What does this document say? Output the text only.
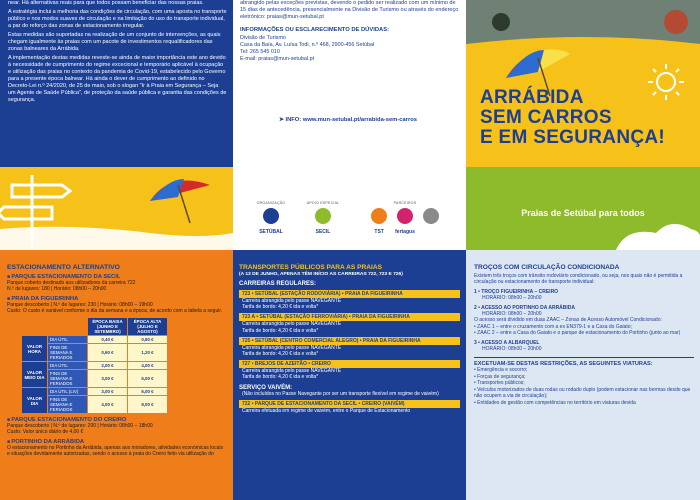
near. Há alternativas reais para que todos possam beneficiar das nossas praias.
A estratégia inclui a melhoria das condições de circulação, com uma aposta no transporte público e nos modos suaves de circulação e na limitação do uso do transporte individual, a par do reforço das zonas de estacionamento irregular.
Estas medidas são suportadas na realização de um conjunto de intervenções, as quais chegam igualmente às praias com um pacote de investimentos requalificadores das zonas balneares da Arrábida.
A implementação destas medidas reveste-se ainda de maior importância este ano devido à necessidade de cumprimento do regime excecional e temporário aplicável à ocupação e utilização das praias no contexto da pandemia de Covid-19, estabelecido pelo Governo para a presente época balnear. Há ainda o dever de cumprimento ao definido no Decreto-Lei n.º 24/2020, de 25 de maio, sob o slogan "Ir à Praia em Segurança – Seja um Agente de Saúde Pública", de proteção da saúde pública e garantia das condições de segurança.
abrangido pelas exceções previstas, devendo o pedido ser realizado com um mínimo de 15 dias de antecedência, presencialmente na Divisão de Turismo ou através do endereço eletrónico: praias@mun-setubal.pt
INFORMAÇÕES OU ESCLARECIMENTO DE DÚVIDAS:
Divisão de Turismo
Casa da Baía, Av. Luísa Todi, n.º 468, 2900-456 Setúbal
Tel: 265 545 010
E-mail: praias@mun-setubal.pt
➤ INFO: www.mun-setubal.pt/arrabida-sem-carros
ARRÁBIDA
SEM CARROS
E EM SEGURANÇA!
ORGANIZAÇÃO
SETÚBAL
APOIO ESPECIAL
SECIL
PARCEIROS
TST	fertagus
Praias de Setúbal para todos
ESTACIONAMENTO ALTERNATIVO
■ PARQUE ESTACIONAMENTO DA SECIL
Parque coberto destinado aos utilizadores da carreira 722
N.º de lugares: 180 | Horário: 08h00 – 20h00
■ PRAIA DA FIGUEIRINHA
Parque descoberto | N.º de lugares: 230 | Horário: 08h00 – 19h00
Custo: O custo é variável conforme o dia da semana e a época, de acordo com a tabela a seguir.
		ÉPOCA BAIXA (JUNHO E SETEMBRO)	ÉPOCA ALTA (JULHO E AGOSTO)
VALOR HORA	DIA ÚTIL	0,40 €	0,80 €
	FINS DE SEMANA E FERIADOS	0,60 €	1,20 €
VALOR MEIO DIA	DIA ÚTIL	2,00 €	4,00 €
	FINS DE SEMANA E FERIADOS	3,00 €	6,00 €
VALOR DIA	DIA ÚTIL (LIV)	3,00 €	6,00 €
	FINS DE SEMANA E FERIADOS	4,00 €	8,00 €
■ PARQUE ESTACIONAMENTO DO CREIRO
Parque descoberto | N.º de lugares: 200 | Horário: 08h00 – 18h00
Custo: Valor único diário de 4,00 €
■ PORTINHO DA ARRÁBIDA
O estacionamento no Portinho da Arrábida, apenas aos moradores, atividades económicas locais e situações devidamente autorizadas, sendo o acesso à praia do Creiro feito via utilização do
TRANSPORTES PÚBLICOS PARA AS PRAIAS
(A 13 DE JUNHO, APENAS TÊM INÍCIO AS CARREIRAS 722, 723 E 726)
CARREIRAS REGULARES:
723 • SETÚBAL (ESTAÇÃO RODOVIÁRIA) • PRAIA DA FIGUEIRINHA
Carreira abrangida pelo passe NAVEGANTE
Tarifa de bordo: 4,20 € ida e volta*
723 A • SETÚBAL (ESTAÇÃO FERROVIÁRIA) • PRAIA DA FIGUEIRINHA
Carreira abrangida pelo passe NAVEGANTE
Tarifa de bordo: 4,20 € ida e volta*
725 • SETÚBAL (CENTRO COMERCIAL ALEGRO) • PRAIA DA FIGUEIRINHA
Carreira abrangida pelo passe NAVEGANTE
Tarifa de bordo: 4,20 € ida e volta*
727 • BREJOS DE AZEITÃO • CREIRO
Carreira abrangida pelo passe NAVEGANTE
Tarifa de bordo: 4,20 € ida e volta*
SERVIÇO VAIVÉM:
(Não incluídos no Passe Navegante por ser um transporte flexível em regime de vaivém)
722 • PARQUE DE ESTACIONAMENTO DA SECIL • CREIRO (VAIVÉM)
Carreira efetuada em regime de vaivém, entre o Parque de Estacionamento
TROÇOS COM CIRCULAÇÃO CONDICIONADA
Existem três troços com trânsito rodoviário condicionado, ou seja, nos quais não é permitida a circulação ou estacionamento de transporte individual:
1 • TROÇO FIGUEIRINHA – CREIRO
HORÁRIO: 08h00 – 20h00
2 • ACESSO AO PORTINHO DA ARRÁBIDA
HORÁRIO: 08h00 – 20h00
O acesso será dividido em duas ZAAC – Zonas de Acesso Automóvel Condicionado:
• ZAAC 1 – entre o cruzamento com a ex EN379-1 e a Casa do Gaiato;
• ZAAC 2 – entre a Casa do Gaiato e o parque de estacionamento do Portinho (junto ao mar)
3 • ACESSO A ALBARQUEL
HORÁRIO: 08h00 – 20h00
EXCETUAM-SE DESTAS RESTRIÇÕES, AS SEGUINTES VIATURAS:
• Emergência e socorro;
• Forças de segurança;
• Transportes públicos;
• Veículos motorizados de duas rodas ou rodado duplo (podem estacionar nas bermas desde que não ocupem a via de circulação);
• Entidades de gestão com competências no território em viaturas devida
